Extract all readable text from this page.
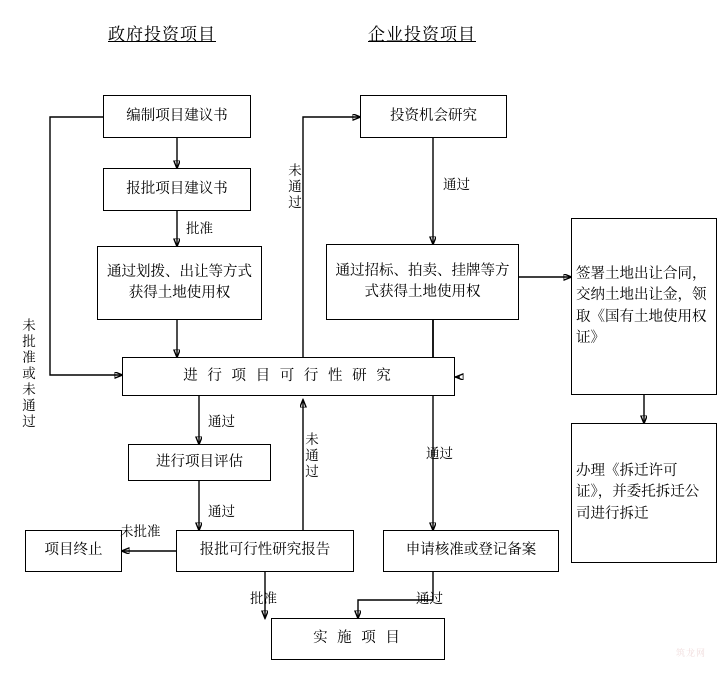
政府投资项目	企业投资项目
编制项目建议书
报批项目建议书
通过划拨、出让等方式获得土地使用权
进 行 项 目 可 行 性 研 究
进行项目评估
项目终止	报批可行性研究报告
投资机会研究
通过招标、拍卖、挂牌等方式获得土地使用权
申请核准或登记备案
实 施 项 目
签署土地出让合同，交纳土地出让金，领取《国有土地使用权证》
办理《拆迁许可证》，并委托拆迁公司进行拆迁
批准
通过
通过
未批准
批准
未批准或未通过
未通过
未通过
通过
通过
通过
筑龙网
